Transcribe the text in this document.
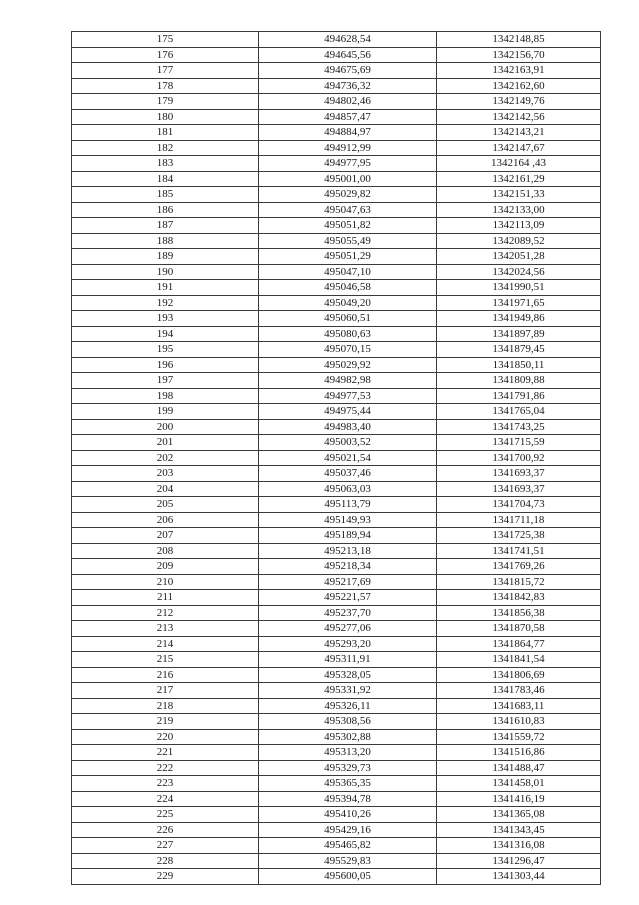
175	494628,54	1342148,85
176	494645,56	1342156,70
177	494675,69	1342163,91
178	494736,32	1342162,60
179	494802,46	1342149,76
180	494857,47	1342142,56
181	494884,97	1342143,21
182	494912,99	1342147,67
183	494977,95	1342164 ,43
184	495001,00	1342161,29
185	495029,82	1342151,33
186	495047,63	1342133,00
187	495051,82	1342113,09
188	495055,49	1342089,52
189	495051,29	1342051,28
190	495047,10	1342024,56
191	495046,58	1341990,51
192	495049,20	1341971,65
193	495060,51	1341949,86
194	495080,63	1341897,89
195	495070,15	1341879,45
196	495029,92	1341850,11
197	494982,98	1341809,88
198	494977,53	1341791,86
199	494975,44	1341765,04
200	494983,40	1341743,25
201	495003,52	1341715,59
202	495021,54	1341700,92
203	495037,46	1341693,37
204	495063,03	1341693,37
205	495113,79	1341704,73
206	495149,93	1341711,18
207	495189,94	1341725,38
208	495213,18	1341741,51
209	495218,34	1341769,26
210	495217,69	1341815,72
211	495221,57	1341842,83
212	495237,70	1341856,38
213	495277,06	1341870,58
214	495293,20	1341864,77
215	495311,91	1341841,54
216	495328,05	1341806,69
217	495331,92	1341783,46
218	495326,11	1341683,11
219	495308,56	1341610,83
220	495302,88	1341559,72
221	495313,20	1341516,86
222	495329,73	1341488,47
223	495365,35	1341458,01
224	495394,78	1341416,19
225	495410,26	1341365,08
226	495429,16	1341343,45
227	495465,82	1341316,08
228	495529,83	1341296,47
229	495600,05	1341303,44
